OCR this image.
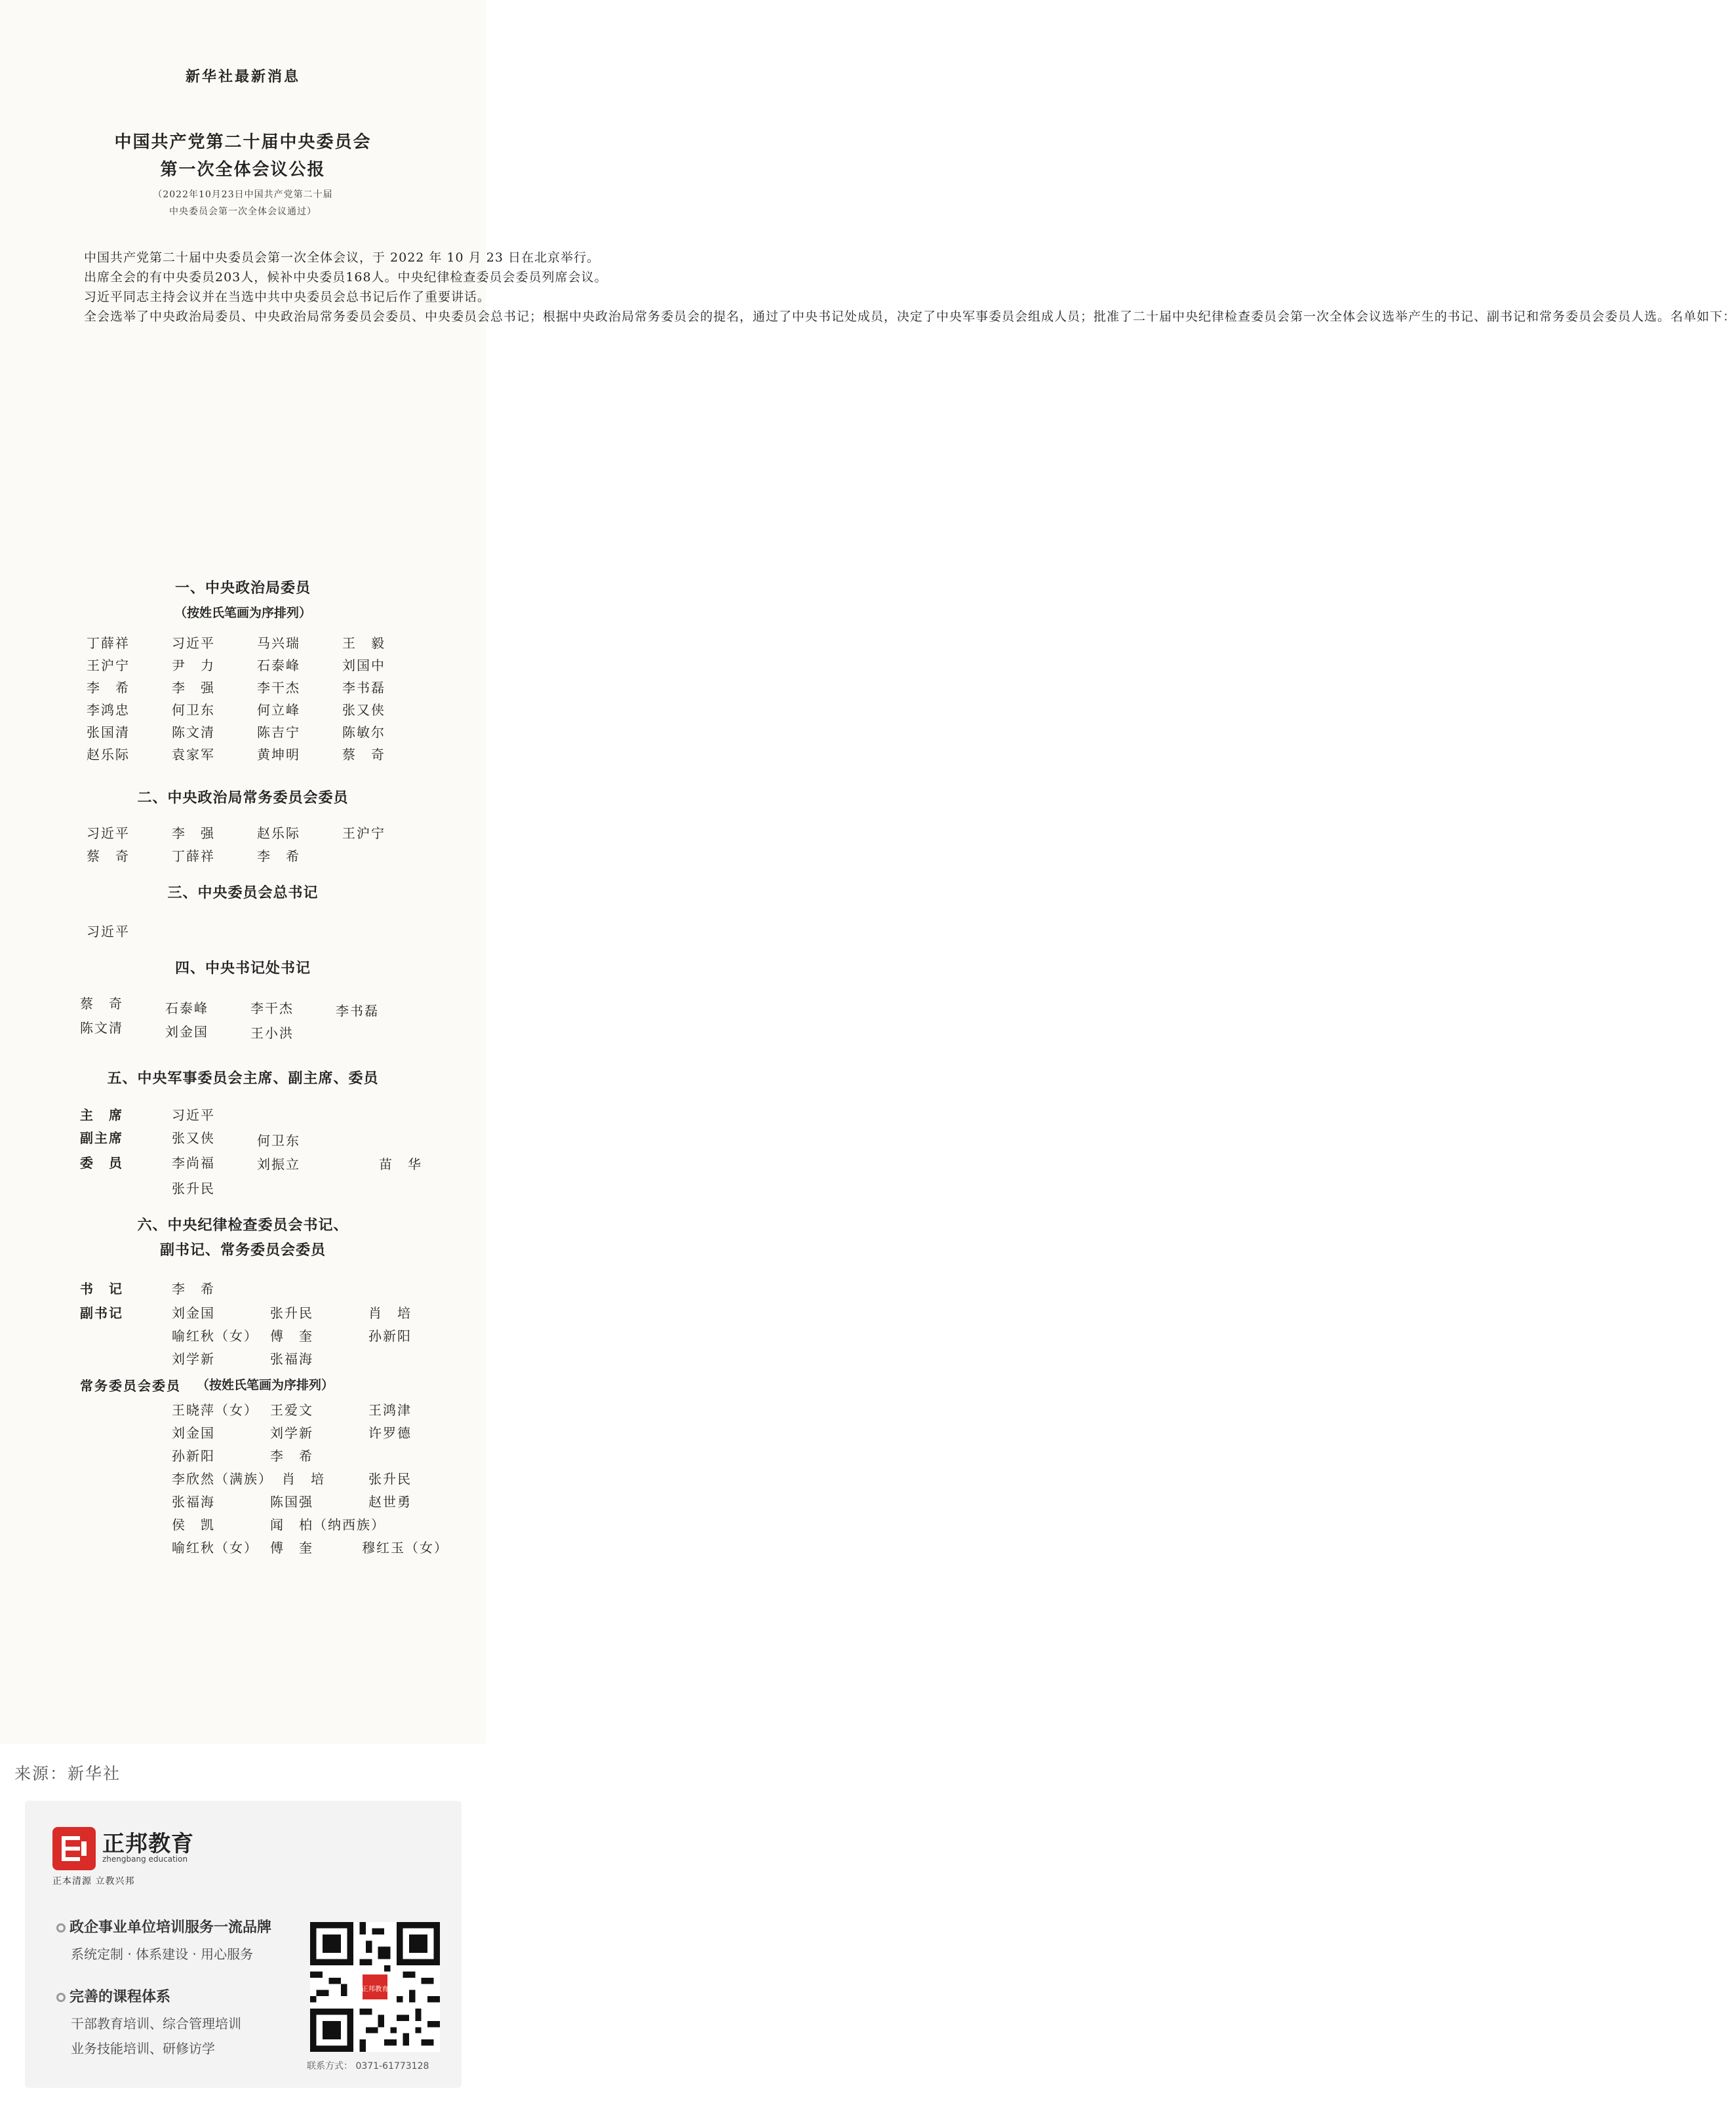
新华社最新消息
中国共产党第二十届中央委员会
第一次全体会议公报
（2022年10月23日中国共产党第二十届
中央委员会第一次全体会议通过）

中国共产党第二十届中央委员会第一次全体会议，于 2022 年 10 月 23 日在北京举行。

出席全会的有中央委员203人，候补中央委员168人。中央纪律检查委员会委员列席会议。

习近平同志主持会议并在当选中共中央委员会总书记后作了重要讲话。

全会选举了中央政治局委员、中央政治局常务委员会委员、中央委员会总书记；根据中央政治局常务委员会的提名，通过了中央书记处成员，决定了中央军事委员会组成人员；批准了二十届中央纪律检查委员会第一次全体会议选举产生的书记、副书记和常务委员会委员人选。名单如下：

一、中央政治局委员
（按姓氏笔画为序排列）
丁薛祥	习近平	马兴瑞	王　毅
王沪宁	尹　力	石泰峰	刘国中
李　希	李　强	李干杰	李书磊
李鸿忠	何卫东	何立峰	张又侠
张国清	陈文清	陈吉宁	陈敏尔
赵乐际	袁家军	黄坤明	蔡　奇
二、中央政治局常务委员会委员
习近平	李　强	赵乐际	王沪宁
蔡　奇	丁薛祥	李　希
三、中央委员会总书记
习近平
四、中央书记处书记
蔡　奇	石泰峰	李干杰	李书磊
陈文清	刘金国	王小洪
五、中央军事委员会主席、副主席、委员
主　席	习近平
副主席	张又侠	何卫东
委　员	李尚福	刘振立	苗　华
张升民
六、中央纪律检查委员会书记、
副书记、常务委员会委员
书　记	李　希
副书记	刘金国	张升民	肖　培
喻红秋（女） 傅　奎	孙新阳
刘学新	张福海
常务委员会委员 （按姓氏笔画为序排列）
王晓萍（女） 王爱文	王鸿津
刘金国	刘学新	许罗德
孙新阳	李　希
李欣然（满族） 肖　培	张升民
张福海	陈国强	赵世勇
侯　凯	闻　柏（纳西族）
喻红秋（女） 傅　奎	穆红玉（女）
来源：新华社
正邦教育
zhengbang education
正本清源 立教兴邦
政企事业单位培训服务一流品牌
系统定制 · 体系建设 · 用心服务
完善的课程体系
干部教育培训、综合管理培训
业务技能培训、研修访学
正邦教育
联系方式： 0371-61773128
